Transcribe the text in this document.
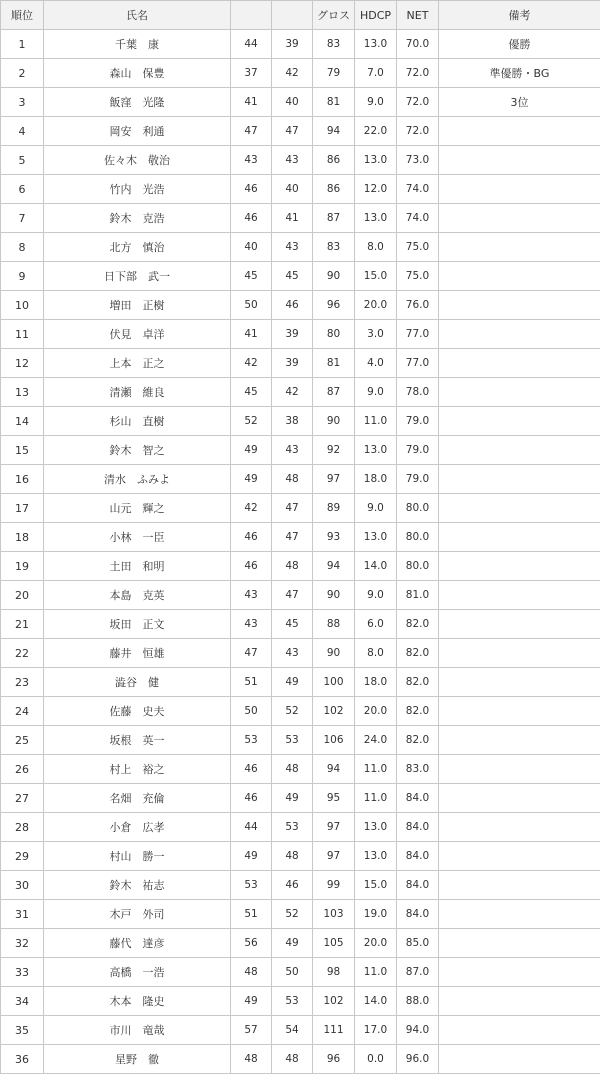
順位	氏名			グロス	HDCP	NET	備考
1	千葉　康	44	39	83	13.0	70.0	優勝
2	森山　保豊	37	42	79	7.0	72.0	準優勝・BG
3	飯窪　光隆	41	40	81	9.0	72.0	3位
4	岡安　利通	47	47	94	22.0	72.0	
5	佐々木　敬治	43	43	86	13.0	73.0	
6	竹内　光浩	46	40	86	12.0	74.0	
7	鈴木　克浩	46	41	87	13.0	74.0	
8	北方　慎治	40	43	83	8.0	75.0	
9	日下部　武一	45	45	90	15.0	75.0	
10	増田　正樹	50	46	96	20.0	76.0	
11	伏見　卓洋	41	39	80	3.0	77.0	
12	上本　正之	42	39	81	4.0	77.0	
13	清瀬　維良	45	42	87	9.0	78.0	
14	杉山　直樹	52	38	90	11.0	79.0	
15	鈴木　智之	49	43	92	13.0	79.0	
16	清水　ふみよ	49	48	97	18.0	79.0	
17	山元　輝之	42	47	89	9.0	80.0	
18	小林　一臣	46	47	93	13.0	80.0	
19	土田　和明	46	48	94	14.0	80.0	
20	本島　克英	43	47	90	9.0	81.0	
21	坂田　正文	43	45	88	6.0	82.0	
22	藤井　恒雄	47	43	90	8.0	82.0	
23	澁谷　健	51	49	100	18.0	82.0	
24	佐藤　史夫	50	52	102	20.0	82.0	
25	坂根　英一	53	53	106	24.0	82.0	
26	村上　裕之	46	48	94	11.0	83.0	
27	名畑　充倫	46	49	95	11.0	84.0	
28	小倉　広孝	44	53	97	13.0	84.0	
29	村山　勝一	49	48	97	13.0	84.0	
30	鈴木　祐志	53	46	99	15.0	84.0	
31	木戸　外司	51	52	103	19.0	84.0	
32	藤代　達彦	56	49	105	20.0	85.0	
33	高橋　一浩	48	50	98	11.0	87.0	
34	木本　隆史	49	53	102	14.0	88.0	
35	市川　竜哉	57	54	111	17.0	94.0	
36	星野　徹	48	48	96	0.0	96.0	
